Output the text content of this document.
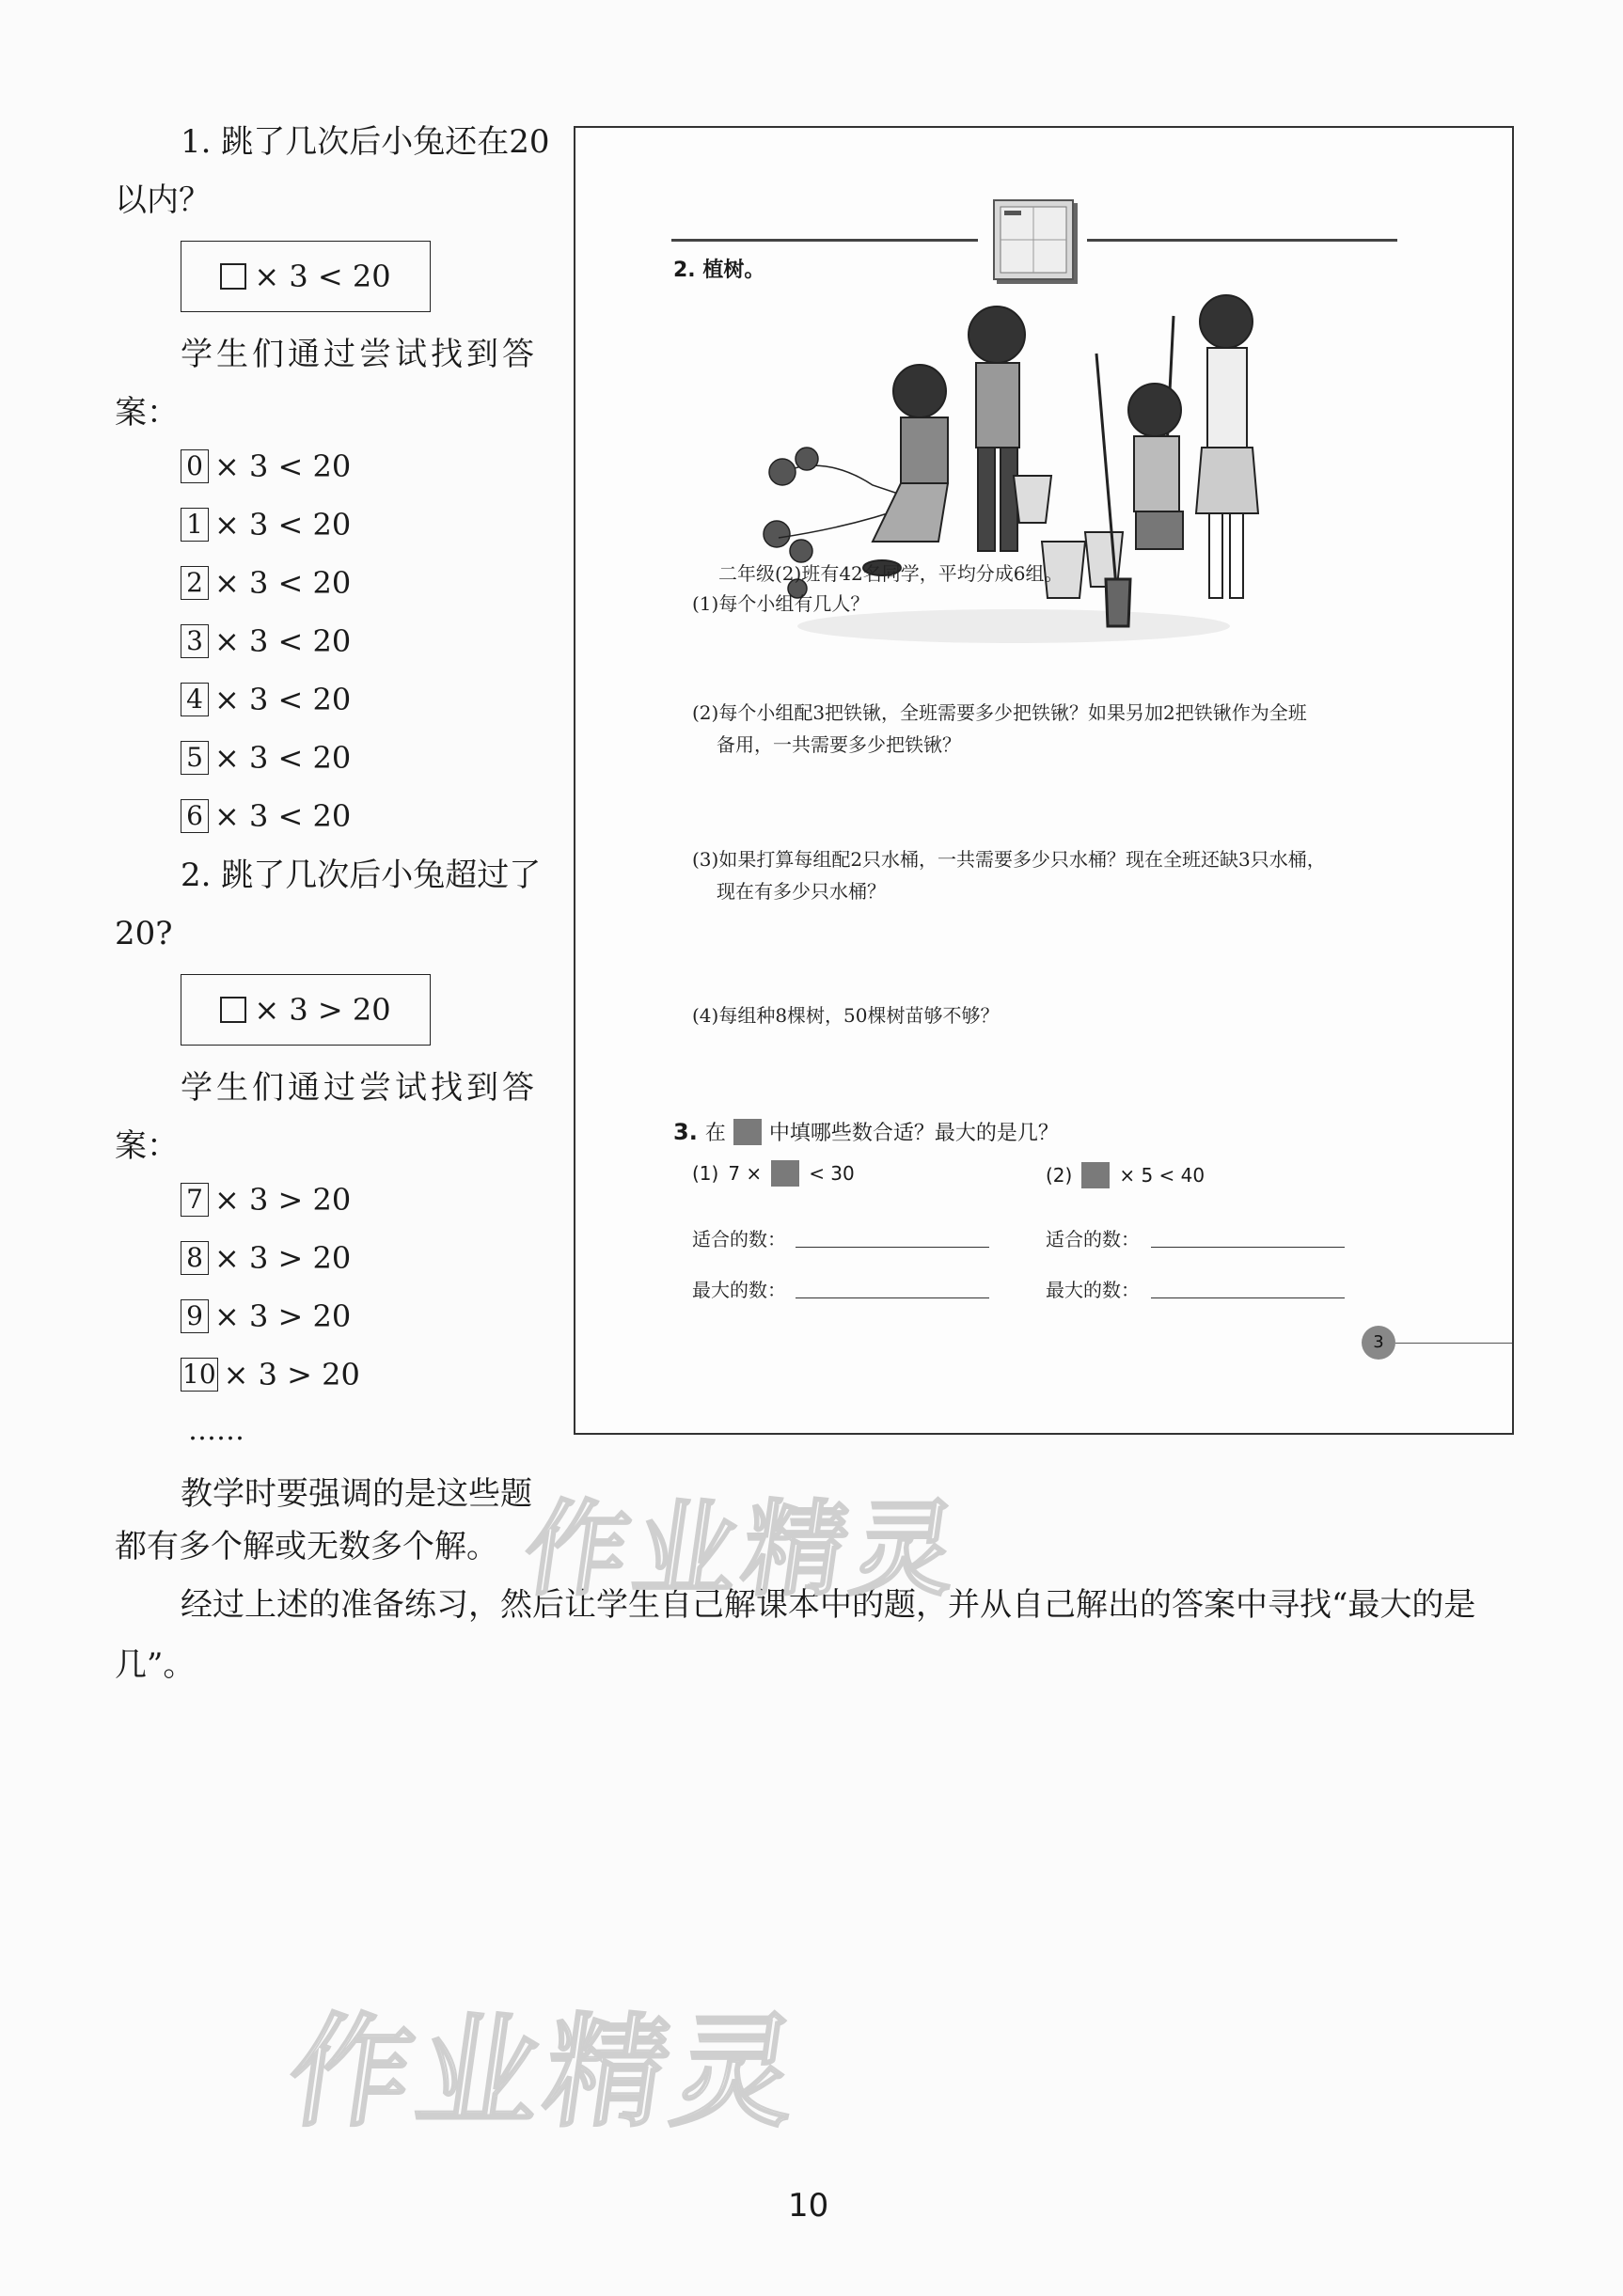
1. 跳了几次后小兔还在20
以内？
× 3 < 20
学生们通过尝试找到答
案：
0 × 3 < 20
1 × 3 < 20
2 × 3 < 20
3 × 3 < 20
4 × 3 < 20
5 × 3 < 20
6 × 3 < 20
2. 跳了几次后小兔超过了
20?
× 3 > 20
学生们通过尝试找到答
案：
7 × 3 > 20
8 × 3 > 20
9 × 3 > 20
10 × 3 > 20
……
教学时要强调的是这些题
都有多个解或无数多个解。
经过上述的准备练习，然后让学生自己解课本中的题，并从自己解出的答案中寻找“最大的是
几”。
2. 植树。
二年级(2)班有42名同学，平均分成6组。
(1)每个小组有几人？
(2)每个小组配3把铁锹，全班需要多少把铁锹？如果另加2把铁锹作为全班
备用，一共需要多少把铁锹？
(3)如果打算每组配2只水桶，一共需要多少只水桶？现在全班还缺3只水桶，
现在有多少只水桶？
(4)每组种8棵树，50棵树苗够不够？
3. 在 中填哪些数合适？最大的是几？
(1) 7 ×	< 30	(2)	× 5 < 40
适合的数：	适合的数：
最大的数：	最大的数：
3
作业精灵
作业精灵
10
